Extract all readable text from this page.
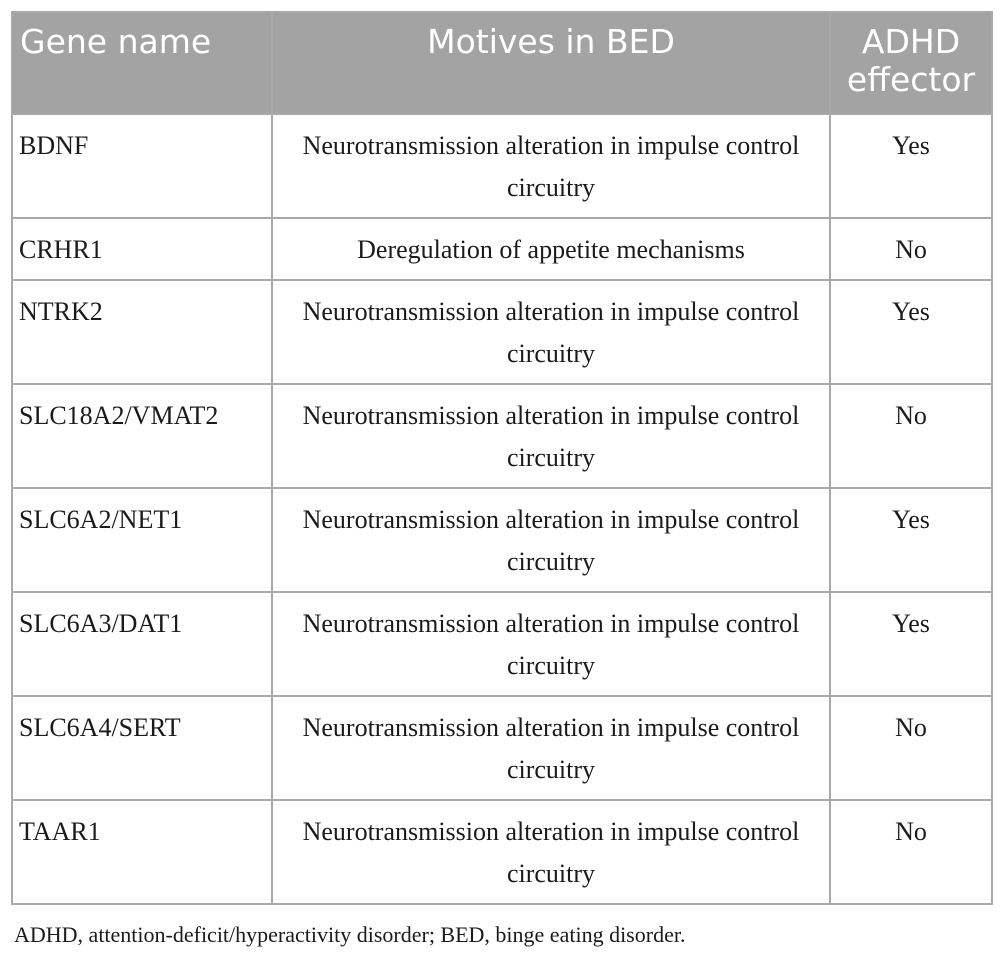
Gene name	Motives in BED	ADHD effector
BDNF	Neurotransmission alteration in impulse control circuitry	Yes
CRHR1	Deregulation of appetite mechanisms	No
NTRK2	Neurotransmission alteration in impulse control circuitry	Yes
SLC18A2/VMAT2	Neurotransmission alteration in impulse control circuitry	No
SLC6A2/NET1	Neurotransmission alteration in impulse control circuitry	Yes
SLC6A3/DAT1	Neurotransmission alteration in impulse control circuitry	Yes
SLC6A4/SERT	Neurotransmission alteration in impulse control circuitry	No
TAAR1	Neurotransmission alteration in impulse control circuitry	No
ADHD, attention-deficit/hyperactivity disorder; BED, binge eating disorder.
